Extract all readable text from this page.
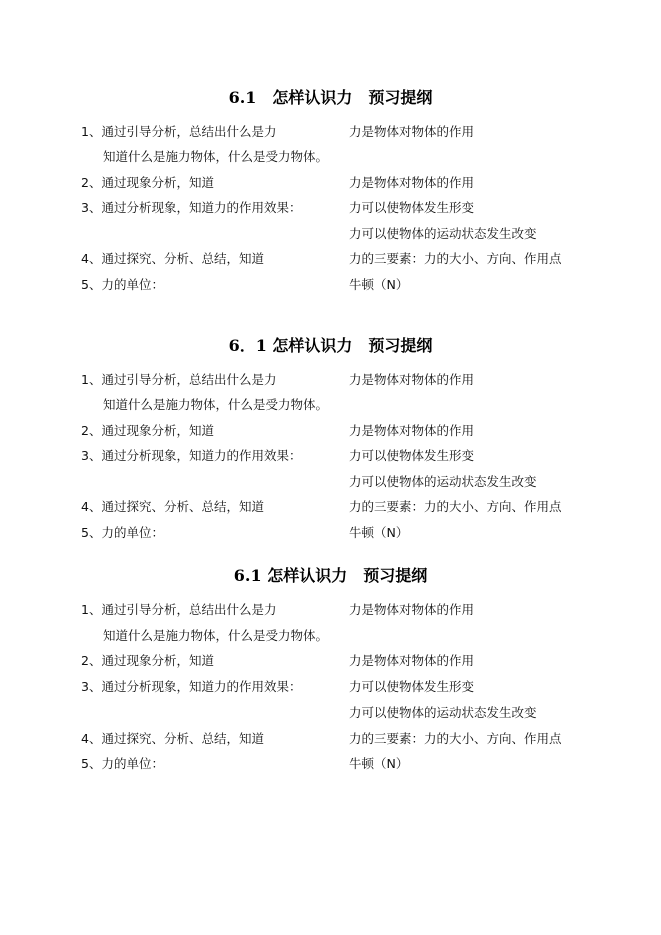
6.1　怎样认识力　预习提纲
1、通过引导分析，总结出什么是力	力是物体对物体的作用
知道什么是施力物体，什么是受力物体。
2、通过现象分析，知道	力是物体对物体的作用
3、通过分析现象，知道力的作用效果：	力可以使物体发生形变
力可以使物体的运动状态发生改变
4、通过探究、分析、总结，知道	力的三要素：力的大小、方向、作用点
5、力的单位：	牛顿（N）
6．1 怎样认识力　预习提纲
1、通过引导分析，总结出什么是力	力是物体对物体的作用
知道什么是施力物体，什么是受力物体。
2、通过现象分析，知道	力是物体对物体的作用
3、通过分析现象，知道力的作用效果：	力可以使物体发生形变
力可以使物体的运动状态发生改变
4、通过探究、分析、总结，知道	力的三要素：力的大小、方向、作用点
5、力的单位：	牛顿（N）
6.1 怎样认识力　预习提纲
1、通过引导分析，总结出什么是力	力是物体对物体的作用
知道什么是施力物体，什么是受力物体。
2、通过现象分析，知道	力是物体对物体的作用
3、通过分析现象，知道力的作用效果：	力可以使物体发生形变
力可以使物体的运动状态发生改变
4、通过探究、分析、总结，知道	力的三要素：力的大小、方向、作用点
5、力的单位：	牛顿（N）
